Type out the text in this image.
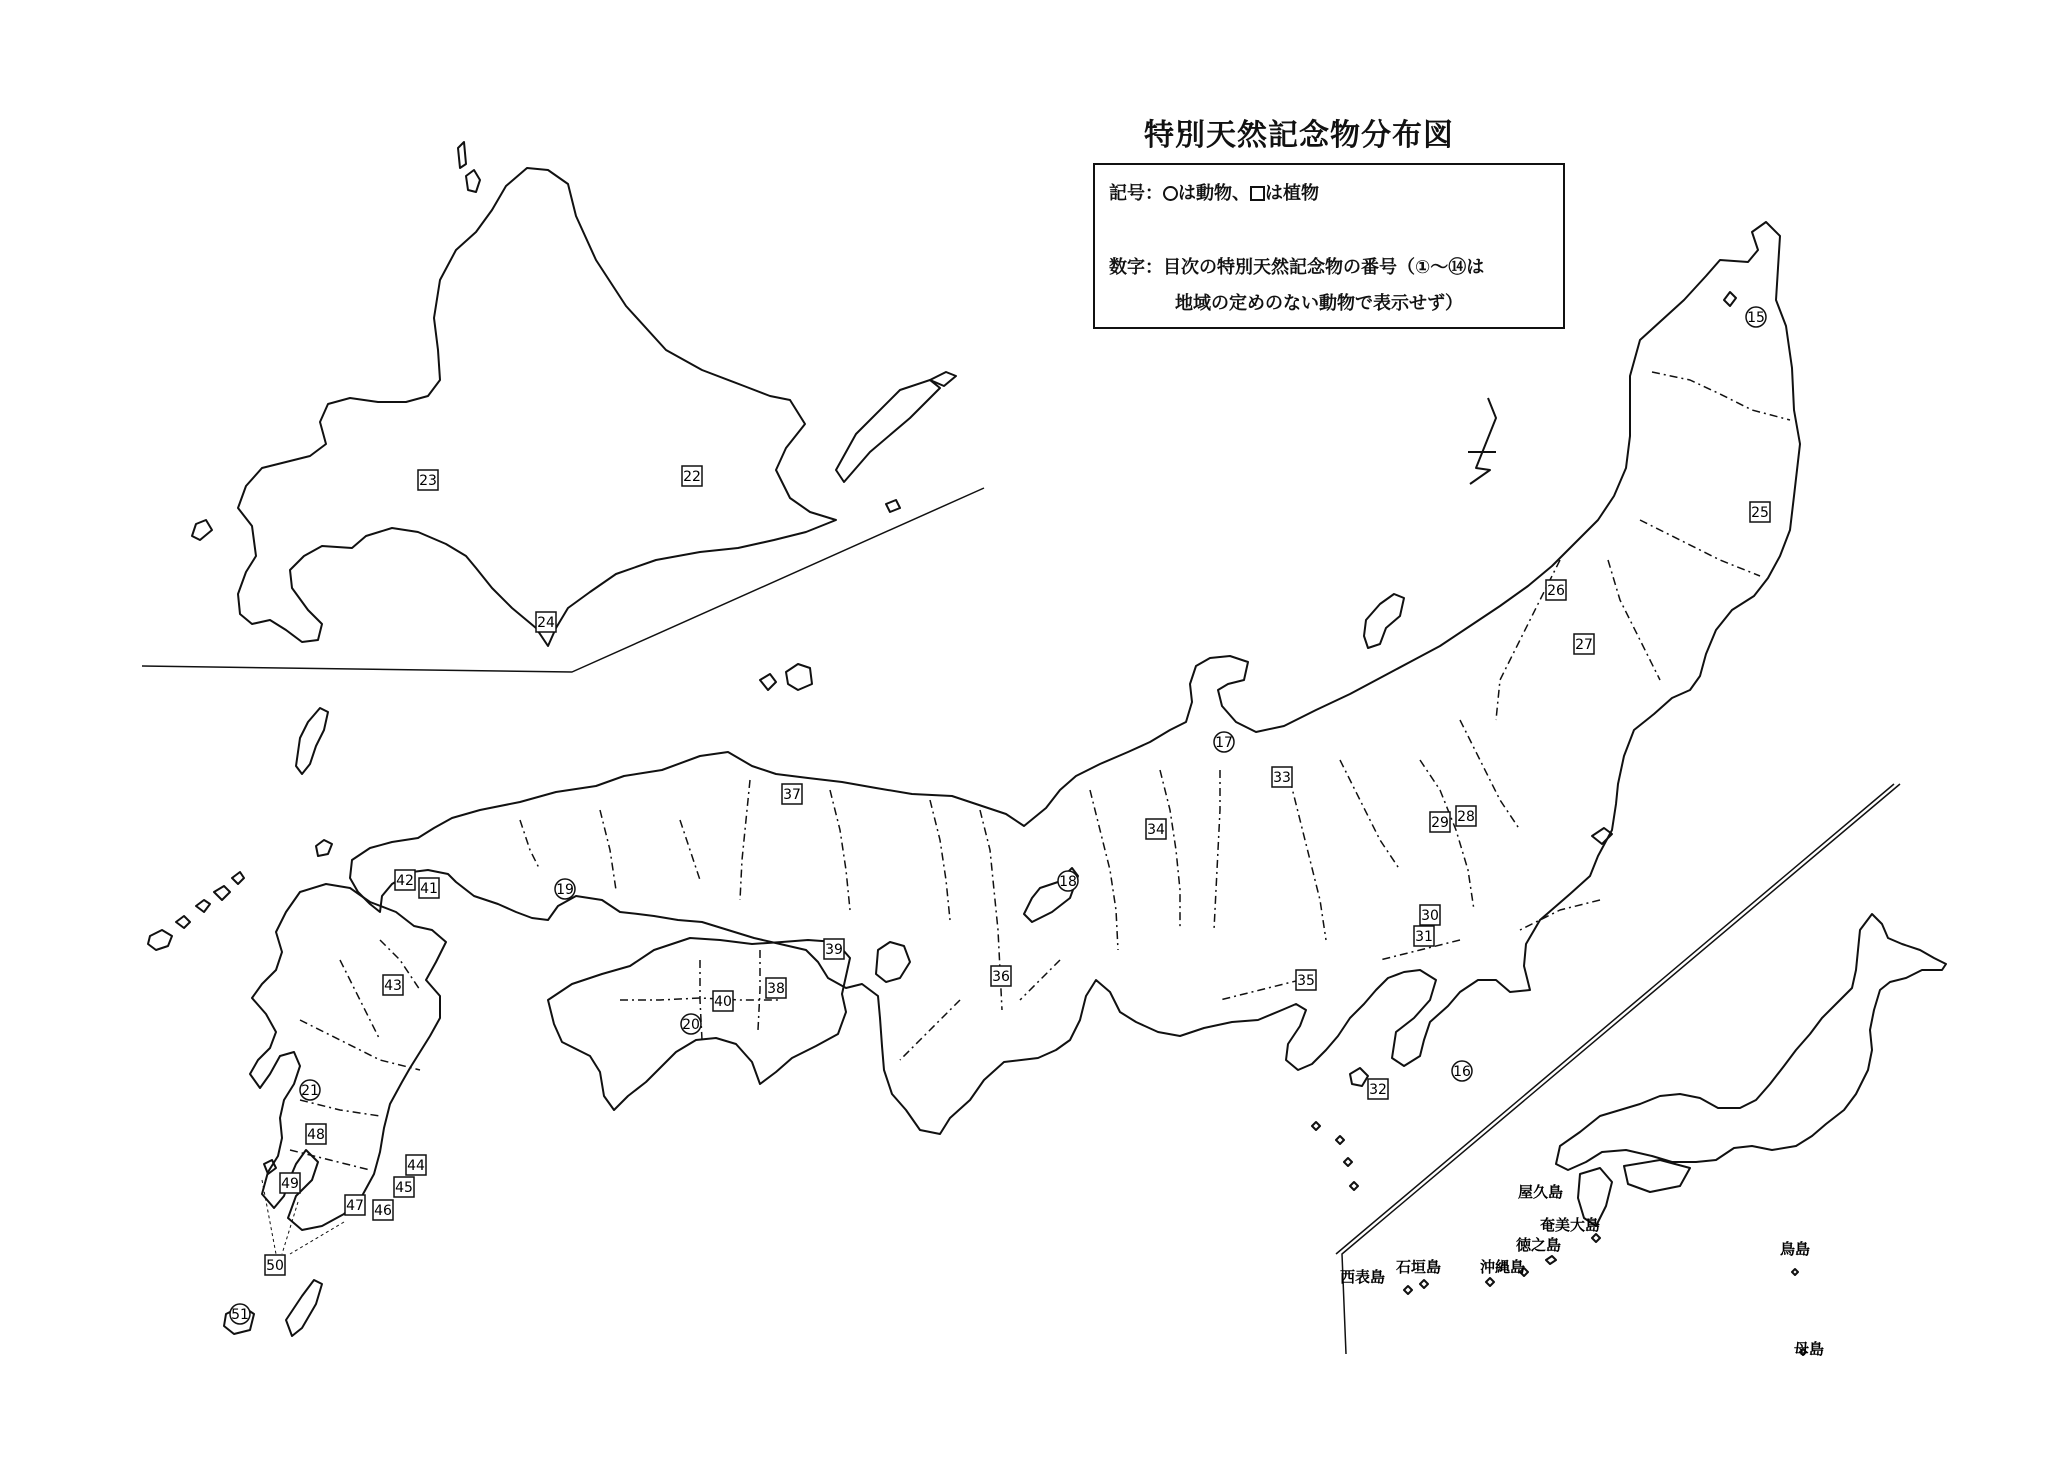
15
16
17
18
19
20
21
51
22
23
24
25
26
27
28
29
30
31
32
33
34
35
36
37
38
39
40
41
42
43
44
45
46
47
48
49
50
屋久島
奄美大島
徳之島	鳥島
石垣島	沖縄島
西表島
母島
特別天然記念物分布図
記号： は動物、 は植物
数字：目次の特別天然記念物の番号（①～⑭は
地域の定めのない動物で表示せず）
